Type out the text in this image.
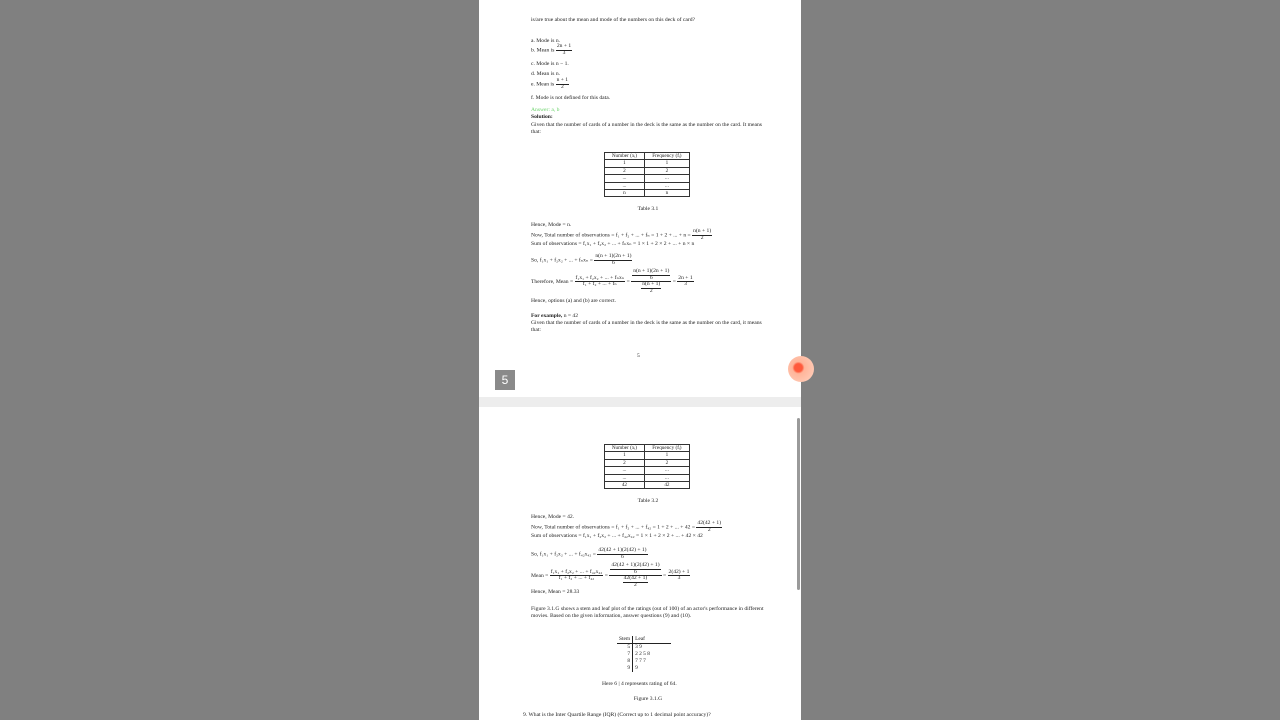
is/are true about the mean and mode of the numbers on this deck of card?
a. Mode is n.
b. Mean is $\frac{2n + 1}{3}$
c. Mode is n − 1.
d. Mean is n.
e. Mean is $\frac{n + 1}{2}$
f. Mode is not defined for this data.
Answer: a, b
Solution:
Given that the number of cards of a number in the deck is the same as the number on the card. It means that:
Number (xᵢ)	Frequency (fᵢ)
1	1
2	2
...	...
...	...
n	n
Table 3.1
Hence, Mode = n.
Now, Total number of observations = f₁ + f₂ + ... + fₙ = 1 + 2 + ... + $n = \frac{n(n + 1)}{2}$
Sum of observations = f₁x₁ + f₂x₂ + ... + fₙxₙ = 1 × 1 + 2 × 2 + ... + n × n
So, f₁x₁ + f₂x₂ + ... + $f_nx_n = \frac{n(n + 1)(2n + 1)}{6}$
Therefore, Mean = $\frac{\text{f₁x₁ + f₂x₂ + ... + fₙxₙ}}{\text{f₁ + f₂ + ... + fₙ}} = \frac{\frac{n(n + 1)(2n + 1)}{6}}{\frac{n(n + 1)}{2}} = \frac{2n + 1}{3}$
Hence, options (a) and (b) are correct.
For example, n = 42
Given that the number of cards of a number in the deck is the same as the number on the card, it means that:
5
Number (xᵢ)	Frequency (fᵢ)
1	1
2	2
...	...
...	...
42	42
Table 3.2
Hence, Mode = 42.
Now, Total number of observations = f₁ + f₂ + ... + f₄₂ = 1 + 2 + ... + $42 = \frac{42(42 + 1)}{2}$
Sum of observations = f₁x₁ + f₂x₂ + ... + f₄₂x₄₂ = 1 × 1 + 2 × 2 + ... + 42 × 42
So, f₁x₁ + f₂x₂ + ... + $f_{42}x_{42} = \frac{42(42 + 1)(2(42) + 1)}{6}$
Mean = $\frac{\text{f₁x₁ + f₂x₂ + ... + f₄₂x₄₂}}{\text{f₁ + f₂ + ... + f₄₂}} = \frac{\frac{42(42 + 1)(2(42) + 1)}{6}}{\frac{42(42 + 1)}{2}} = \frac{2(42) + 1}{3}$
Hence, Mean = 28.33
Figure 3.1.G shows a stem and leaf plot of the ratings (out of 100) of an actor's performance in different movies. Based on the given information, answer questions (9) and (10).
Stem	Leaf
5	3 9
7	2 2 5 8
8	7 7 7
9	9
Here 6 | 4 represents rating of 64.
Figure 3.1.G
9. What is the Inter Quartile Range (IQR) (Correct up to 1 decimal point accuracy)?
5
